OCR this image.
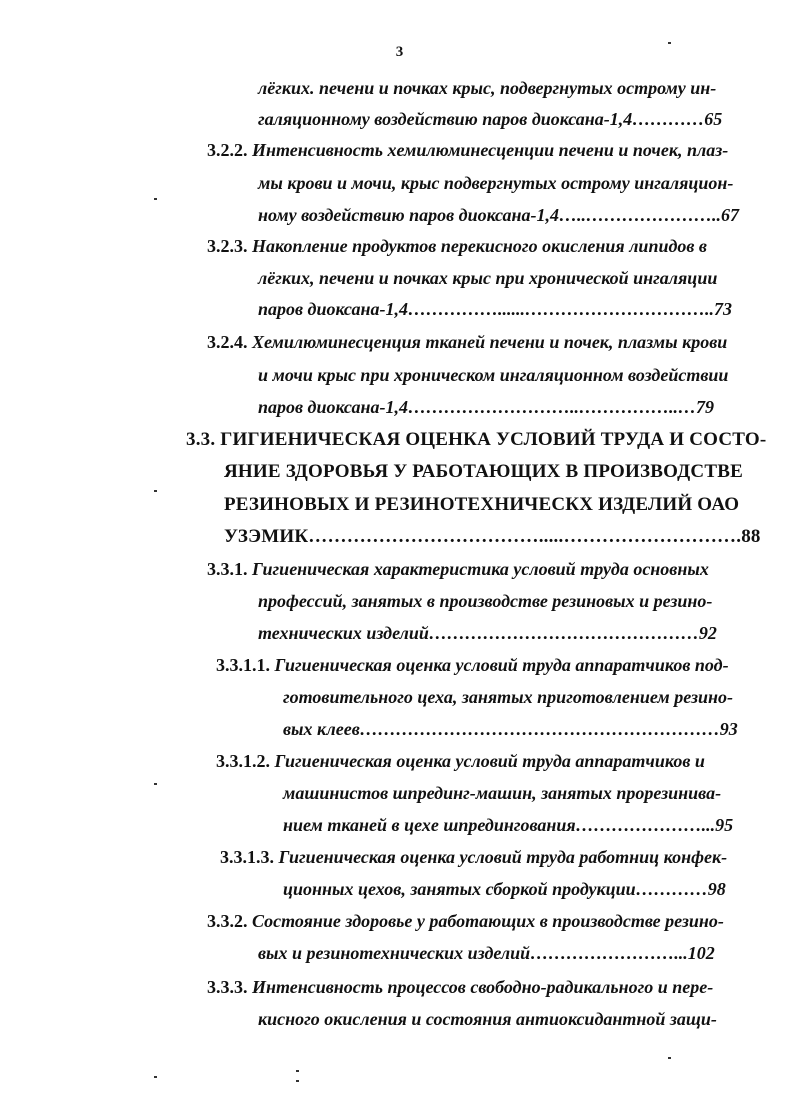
3
лёгких. печени и почках крыс, подвергнутых острому ин-
галяционному воздействию паров диоксана-1,4…………65
3.2.2. Интенсивность хемилюминесценции печени и почек, плаз-
мы крови и мочи, крыс подвергнутых острому ингаляцион-
ному воздействию паров диоксана-1,4…..…………………..67
3.2.3. Накопление продуктов перекисного окисления липидов в
лёгких, печени и почках крыс при хронической ингаляции
паров диоксана-1,4……………......…………………………..73
3.2.4. Хемилюминесценция тканей печени и почек, плазмы крови
и мочи крыс при хроническом ингаляционном воздействии
паров диоксана-1,4………………………..……………..…79
3.3. ГИГИЕНИЧЕСКАЯ ОЦЕНКА УСЛОВИЙ ТРУДА И СОСТО-
ЯНИЕ ЗДОРОВЬЯ У РАБОТАЮЩИХ В ПРОИЗВОДСТВЕ
РЕЗИНОВЫХ И РЕЗИНОТЕХНИЧЕСКХ ИЗДЕЛИЙ ОАО
УЗЭМИК……………………………….....……………………….88
3.3.1. Гигиеническая характеристика условий труда основных
профессий, занятых в производстве резиновых и резино-
технических изделий………………………………………92
3.3.1.1. Гигиеническая оценка условий труда аппаратчиков под-
готовительного цеха, занятых приготовлением резино-
вых клеев……………………………………………………93
3.3.1.2. Гигиеническая оценка условий труда аппаратчиков и
машинистов шпрединг-машин, занятых прорезинива-
нием тканей в цехе шпредингования…………………...95
3.3.1.3. Гигиеническая оценка условий труда работниц конфек-
ционных цехов, занятых сборкой продукции…………98
3.3.2. Состояние здоровье у работающих в производстве резино-
вых и резинотехнических изделий……………………...102
3.3.3. Интенсивность процессов свободно-радикального и пере-
кисного окисления и состояния антиоксидантной защи-
